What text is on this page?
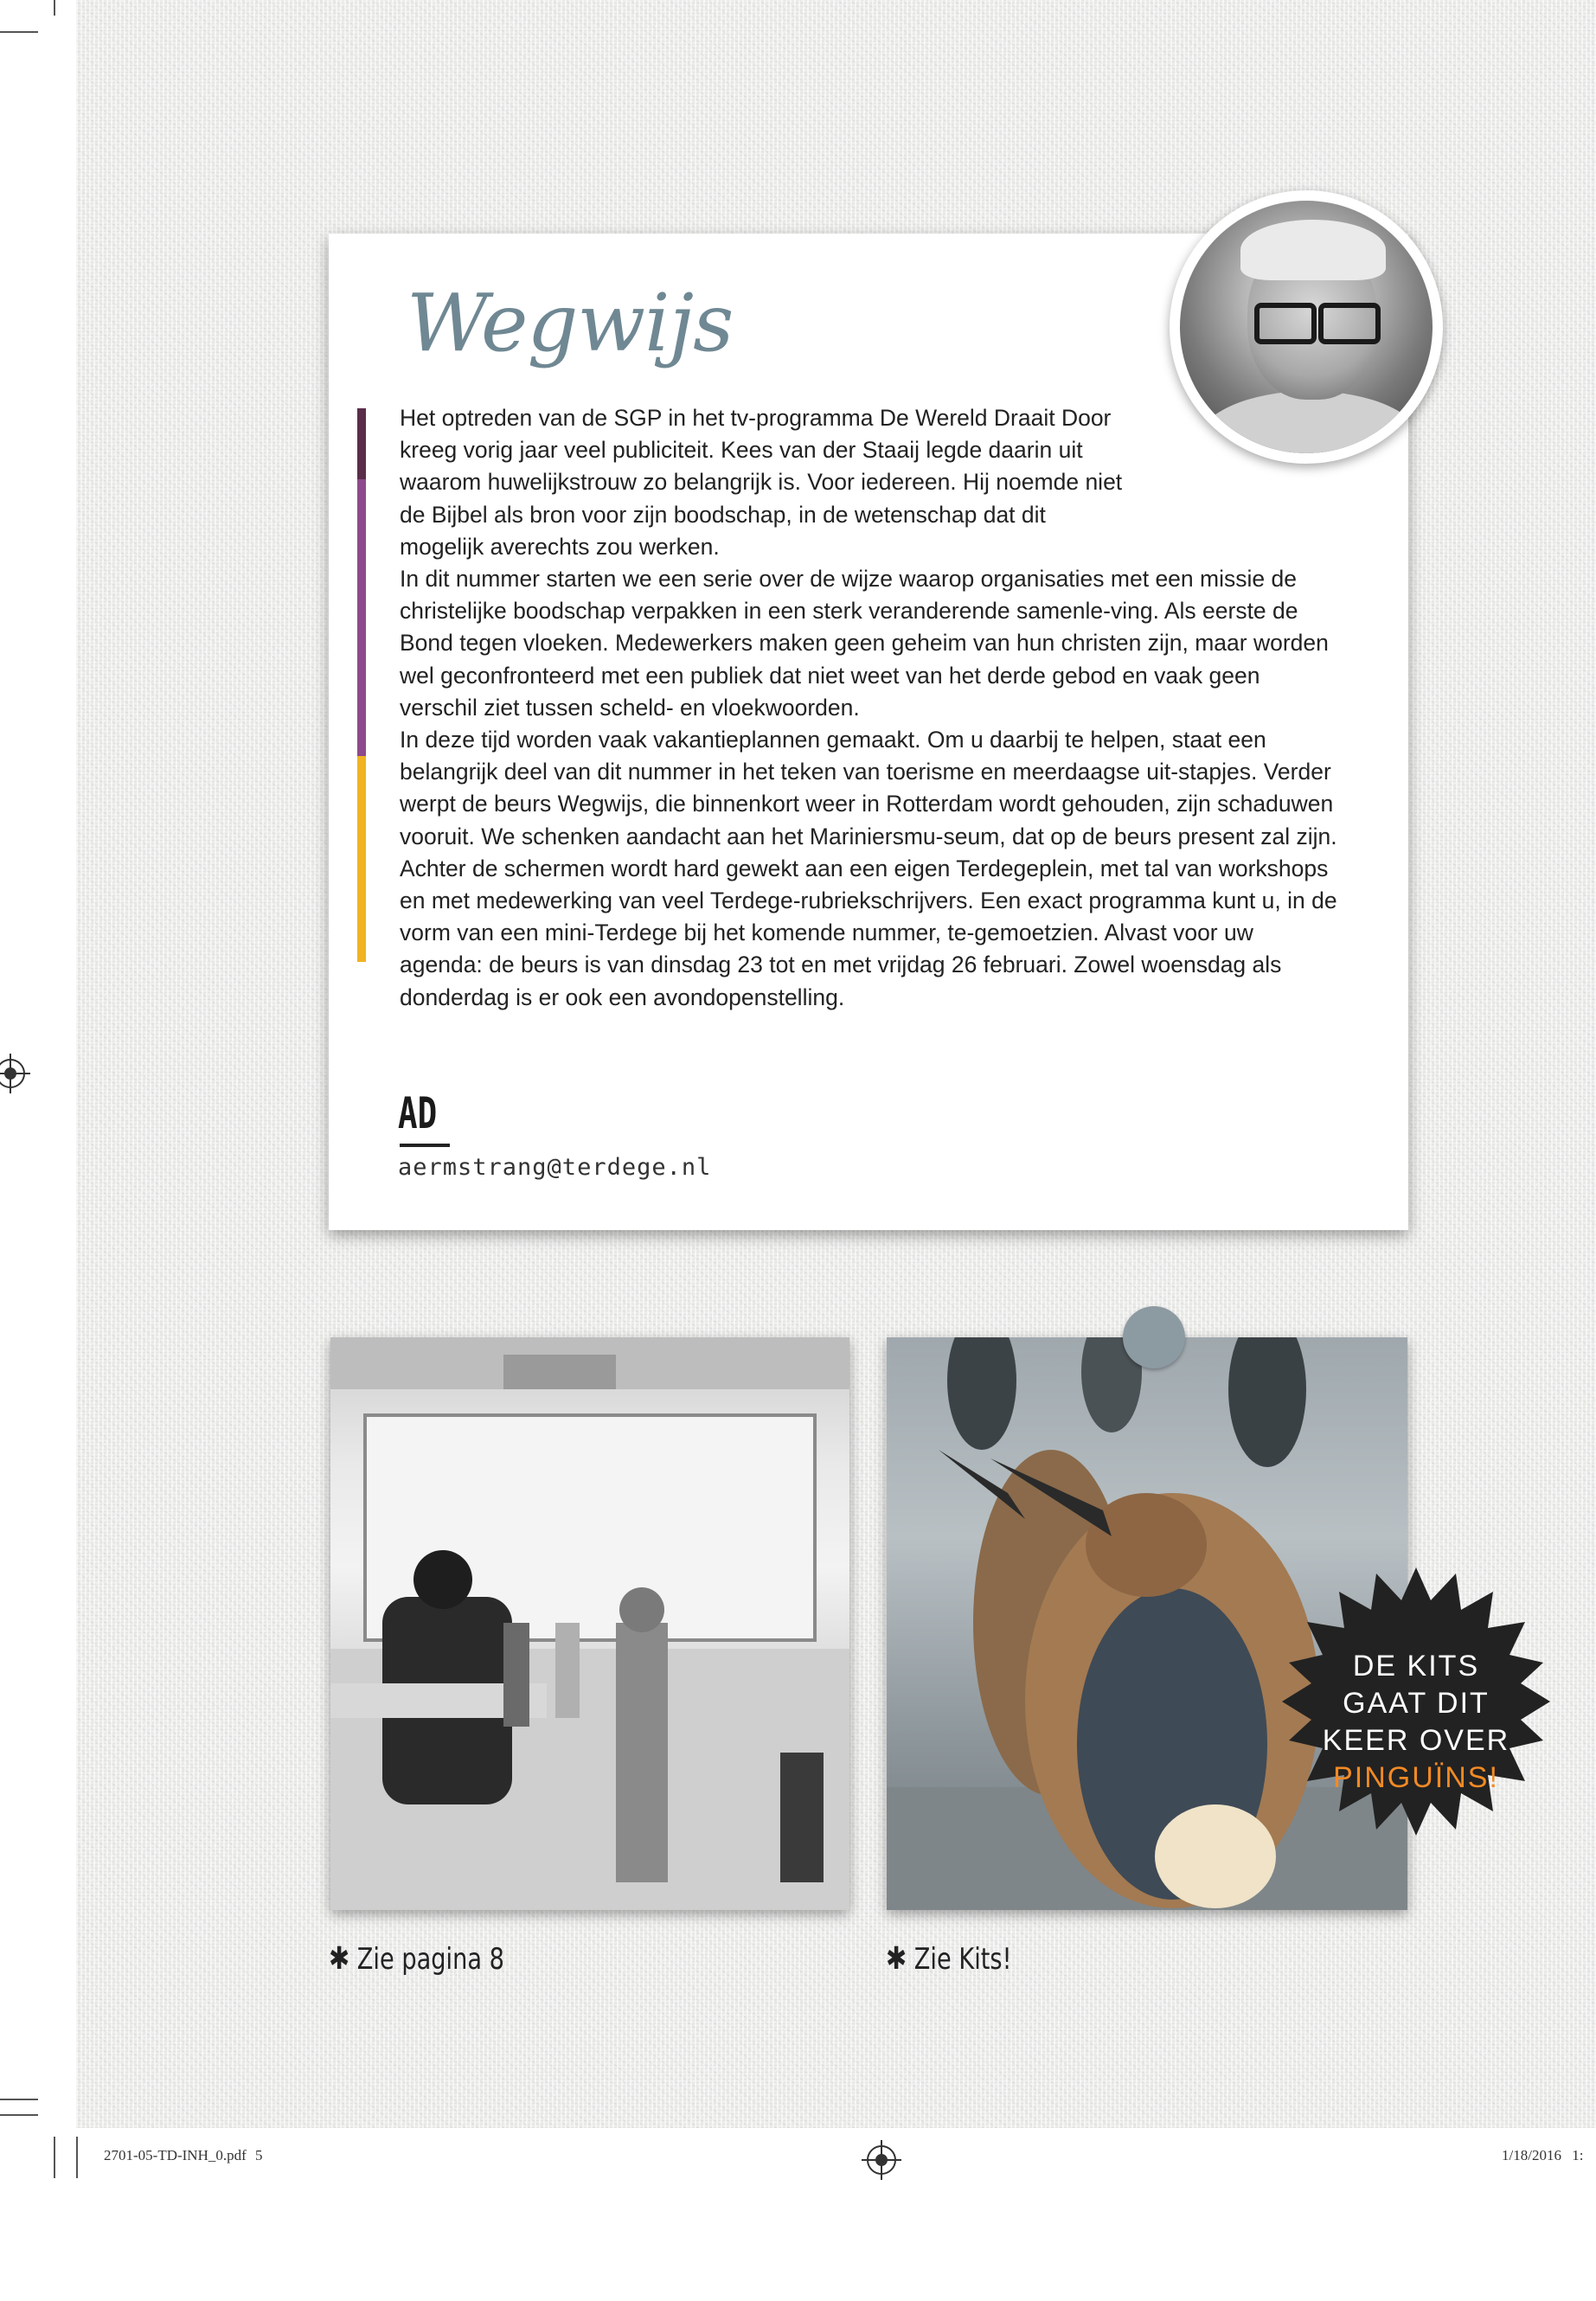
Wegwijs

Het optreden van de SGP in het tv-programma De Wereld Draait Door kreeg vorig jaar veel publiciteit. Kees van der Staaij legde daarin uit waarom huwelijkstrouw zo belangrijk is. Voor iedereen. Hij noemde niet de Bijbel als bron voor zijn boodschap, in de wetenschap dat dit mogelijk averechts zou werken.

In dit nummer starten we een serie over de wijze waarop organisaties met een missie de christelijke boodschap verpakken in een sterk veranderende samenle-ving. Als eerste de Bond tegen vloeken. Medewerkers maken geen geheim van hun christen zijn, maar worden wel geconfronteerd met een publiek dat niet weet van het derde gebod en vaak geen verschil ziet tussen scheld- en vloekwoorden.

In deze tijd worden vaak vakantieplannen gemaakt. Om u daarbij te helpen, staat een belangrijk deel van dit nummer in het teken van toerisme en meerdaagse uit-stapjes. Verder werpt de beurs Wegwijs, die binnenkort weer in Rotterdam wordt gehouden, zijn schaduwen vooruit. We schenken aandacht aan het Mariniersmu-seum, dat op de beurs present zal zijn.

Achter de schermen wordt hard gewekt aan een eigen Terdegeplein, met tal van workshops en met medewerking van veel Terdege-rubriekschrijvers. Een exact programma kunt u, in de vorm van een mini-Terdege bij het komende nummer, te-gemoetzien. Alvast voor uw agenda: de beurs is van dinsdag 23 tot en met vrijdag 26 februari. Zowel woensdag als donderdag is er ook een avondopenstelling.

AD
aermstrang@terdege.nl
DE KITS
GAAT DIT
KEER OVER
PINGUÏNS!
✱ Zie pagina 8	✱ Zie Kits!
2701-05-TD-INH_0.pdf 5	1/18/2016 1:
